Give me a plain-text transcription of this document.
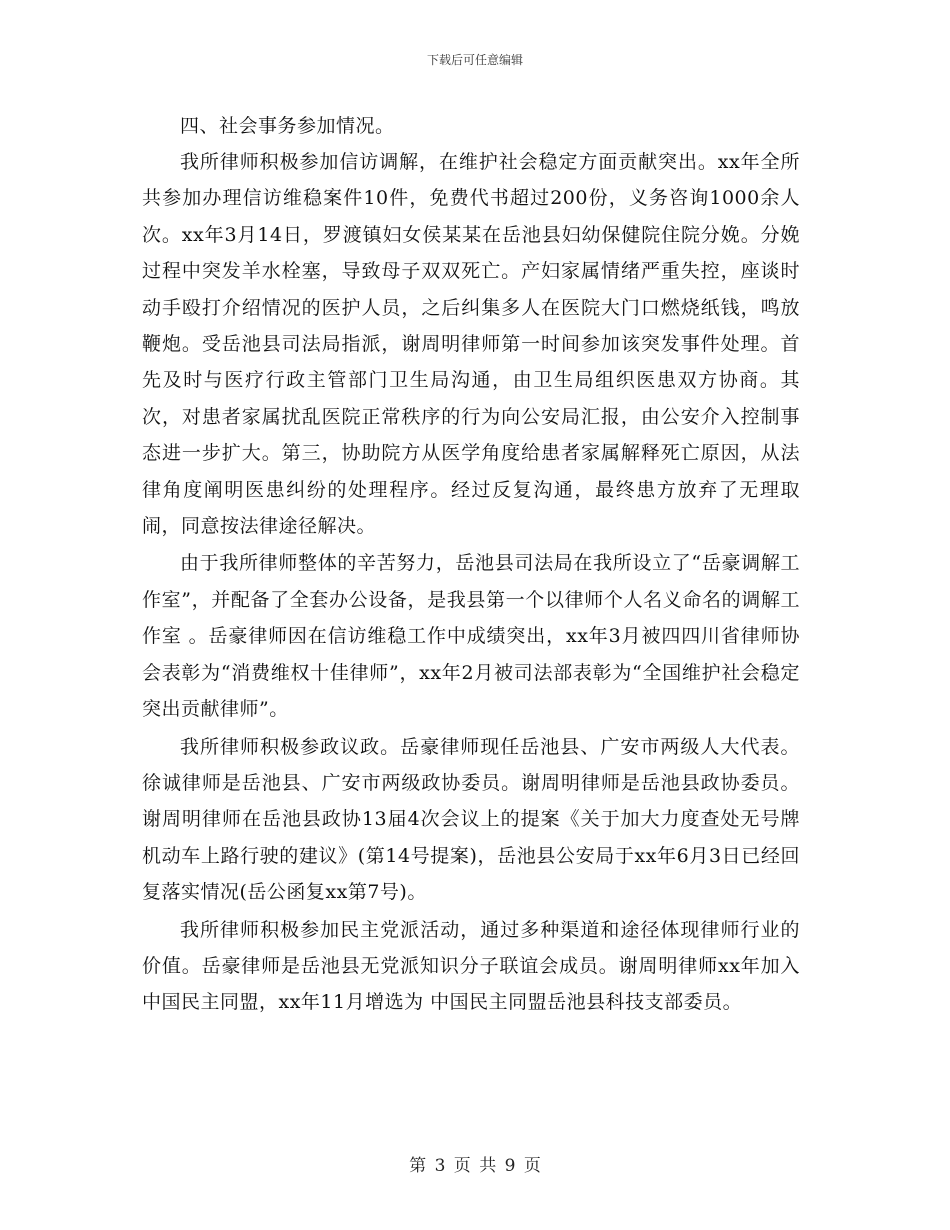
下载后可任意编辑
四、社会事务参加情况。

我所律师积极参加信访调解，在维护社会稳定方面贡献突出。xx年全所共参加办理信访维稳案件10件，免费代书超过200份，义务咨询1000余人次。xx年3月14日，罗渡镇妇女侯某某在岳池县妇幼保健院住院分娩。分娩过程中突发羊水栓塞，导致母子双双死亡。产妇家属情绪严重失控，座谈时动手殴打介绍情况的医护人员，之后纠集多人在医院大门口燃烧纸钱，鸣放鞭炮。受岳池县司法局指派，谢周明律师第一时间参加该突发事件处理。首先及时与医疗行政主管部门卫生局沟通，由卫生局组织医患双方协商。其次，对患者家属扰乱医院正常秩序的行为向公安局汇报，由公安介入控制事态进一步扩大。第三，协助院方从医学角度给患者家属解释死亡原因，从法律角度阐明医患纠纷的处理程序。经过反复沟通，最终患方放弃了无理取闹，同意按法律途径解决。

由于我所律师整体的辛苦努力，岳池县司法局在我所设立了“岳豪调解工作室”，并配备了全套办公设备，是我县第一个以律师个人名义命名的调解工作室 。岳豪律师因在信访维稳工作中成绩突出，xx年3月被四四川省律师协会表彰为“消费维权十佳律师”，xx年2月被司法部表彰为“全国维护社会稳定突出贡献律师”。

我所律师积极参政议政。岳豪律师现任岳池县、广安市两级人大代表。徐诚律师是岳池县、广安市两级政协委员。谢周明律师是岳池县政协委员。谢周明律师在岳池县政协13届4次会议上的提案《关于加大力度查处无号牌机动车上路行驶的建议》(第14号提案)，岳池县公安局于xx年6月3日已经回复落实情况(岳公函复xx第7号)。

我所律师积极参加民主党派活动，通过多种渠道和途径体现律师行业的价值。岳豪律师是岳池县无党派知识分子联谊会成员。谢周明律师xx年加入中国民主同盟，xx年11月增选为 中国民主同盟岳池县科技支部委员。

第 3 页 共 9 页
